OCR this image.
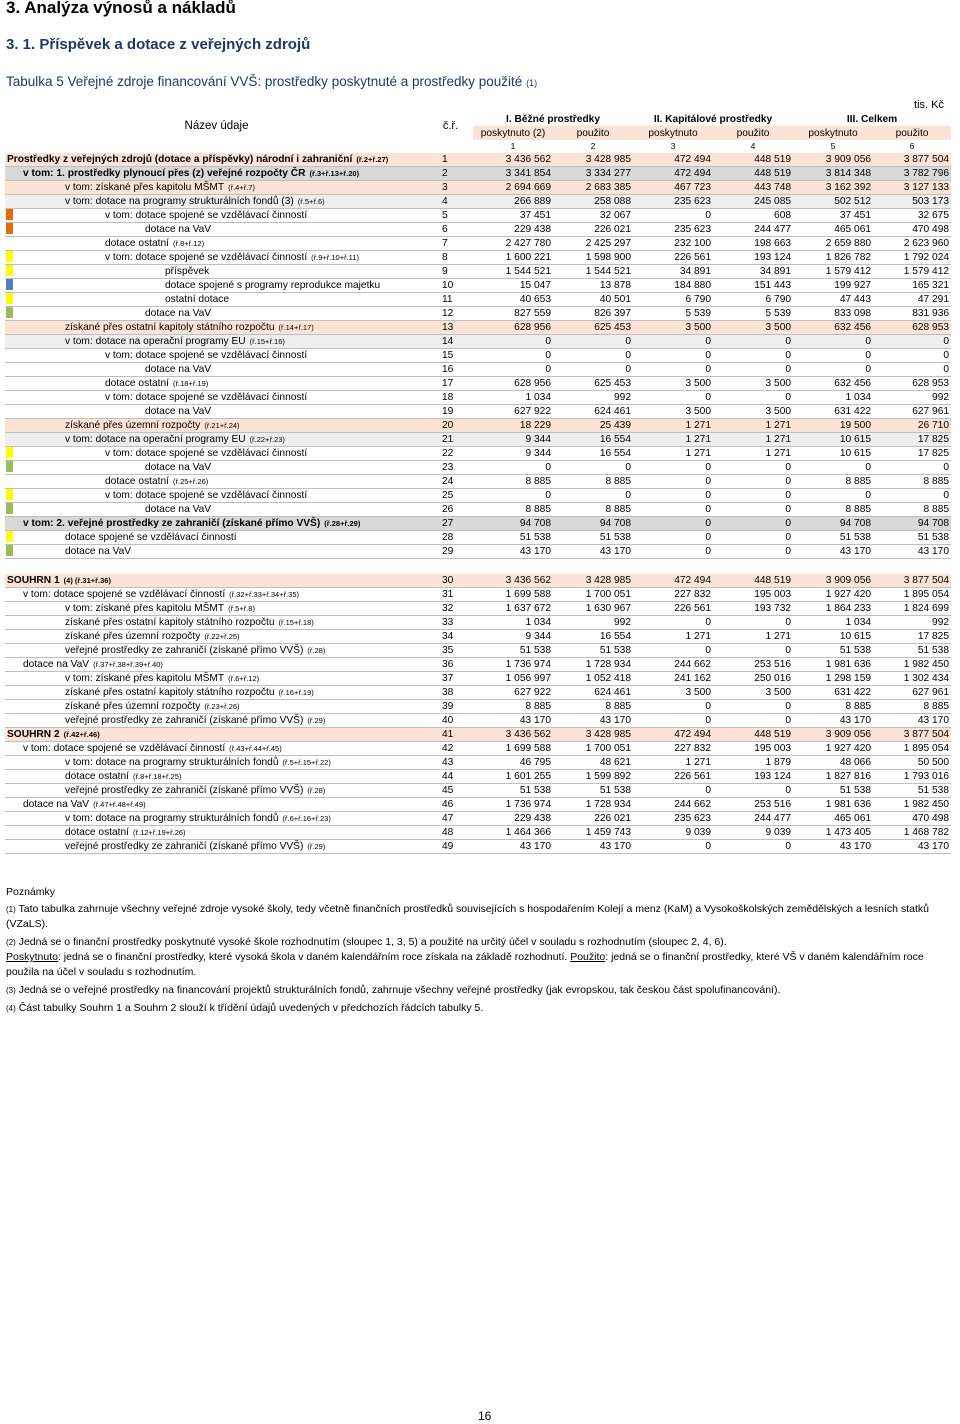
3. Analýza výnosů a nákladů
3. 1. Příspěvek a dotace z veřejných zdrojů
Tabulka 5 Veřejné zdroje financování VVŠ: prostředky poskytnuté a prostředky použité (1)
tis. Kč
Název údaje	č.ř.	I. Běžné prostředky		II. Kapitálové prostředky		III. Celkem	
		poskytnuto (2)	použito	poskytnuto	použito	poskytnuto	použito
		1	2	3	4	5	6
Prostředky z veřejných zdrojů (dotace a příspěvky) národní i zahraniční (ř.2+ř.27)	1	3 436 562	3 428 985	472 494	448 519	3 909 056	3 877 504
v tom: 1. prostředky plynoucí přes (z) veřejné rozpočty ČR (ř.3+ř.13+ř.20)	2	3 341 854	3 334 277	472 494	448 519	3 814 348	3 782 796
v tom: získané přes kapitolu MŠMT (ř.4+ř.7)	3	2 694 669	2 683 385	467 723	443 748	3 162 392	3 127 133
v tom: dotace na programy strukturálních fondů (3) (ř.5+ř.6)	4	266 889	258 088	235 623	245 085	502 512	503 173

v tom: dotace spojené se vzdělávací činností	5	37 451	32 067	0	608	37 451	32 675

dotace na VaV	6	229 438	226 021	235 623	244 477	465 061	470 498
dotace ostatní (ř.8+ř.12)	7	2 427 780	2 425 297	232 100	198 663	2 659 880	2 623 960

v tom: dotace spojené se vzdělávací činností (ř.9+ř.10+ř.11)	8	1 600 221	1 598 900	226 561	193 124	1 826 782	1 792 024

příspěvek	9	1 544 521	1 544 521	34 891	34 891	1 579 412	1 579 412

dotace spojené s programy reprodukce majetku	10	15 047	13 878	184 880	151 443	199 927	165 321

ostatní dotace	11	40 653	40 501	6 790	6 790	47 443	47 291

dotace na VaV	12	827 559	826 397	5 539	5 539	833 098	831 936
získané přes ostatní kapitoly státního rozpočtu (ř.14+ř.17)	13	628 956	625 453	3 500	3 500	632 456	628 953
v tom: dotace na operační programy EU (ř.15+ř.16)	14	0	0	0	0	0	0
v tom: dotace spojené se vzdělávací činností	15	0	0	0	0	0	0
dotace na VaV	16	0	0	0	0	0	0
dotace ostatní (ř.18+ř.19)	17	628 956	625 453	3 500	3 500	632 456	628 953
v tom: dotace spojené se vzdělávací činností	18	1 034	992	0	0	1 034	992
dotace na VaV	19	627 922	624 461	3 500	3 500	631 422	627 961
získané přes územní rozpočty (ř.21+ř.24)	20	18 229	25 439	1 271	1 271	19 500	26 710
v tom: dotace na operační programy EU (ř.22+ř.23)	21	9 344	16 554	1 271	1 271	10 615	17 825

v tom: dotace spojené se vzdělávací činností	22	9 344	16 554	1 271	1 271	10 615	17 825

dotace na VaV	23	0	0	0	0	0	0
dotace ostatní (ř.25+ř.26)	24	8 885	8 885	0	0	8 885	8 885

v tom: dotace spojené se vzdělávací činností	25	0	0	0	0	0	0

dotace na VaV	26	8 885	8 885	0	0	8 885	8 885
v tom: 2. veřejné prostředky ze zahraničí (získané přímo VVŠ) (ř.28+ř.29)	27	94 708	94 708	0	0	94 708	94 708

dotace spojené se vzdělávací činností	28	51 538	51 538	0	0	51 538	51 538

dotace na VaV	29	43 170	43 170	0	0	43 170	43 170

SOUHRN 1 (4) (ř.31+ř.36)	30	3 436 562	3 428 985	472 494	448 519	3 909 056	3 877 504
v tom: dotace spojené se vzdělávací činností (ř.32+ř.33+ř.34+ř.35)	31	1 699 588	1 700 051	227 832	195 003	1 927 420	1 895 054
v tom: získané přes kapitolu MŠMT (ř.5+ř.8)	32	1 637 672	1 630 967	226 561	193 732	1 864 233	1 824 699
získané přes ostatní kapitoly státního rozpočtu (ř.15+ř.18)	33	1 034	992	0	0	1 034	992
získané přes územní rozpočty (ř.22+ř.25)	34	9 344	16 554	1 271	1 271	10 615	17 825
veřejné prostředky ze zahraničí (získané přímo VVŠ) (ř.28)	35	51 538	51 538	0	0	51 538	51 538
dotace na VaV (ř.37+ř.38+ř.39+ř.40)	36	1 736 974	1 728 934	244 662	253 516	1 981 636	1 982 450
v tom: získané přes kapitolu MŠMT (ř.6+ř.12)	37	1 056 997	1 052 418	241 162	250 016	1 298 159	1 302 434
získané přes ostatní kapitoly státního rozpočtu (ř.16+ř.19)	38	627 922	624 461	3 500	3 500	631 422	627 961
získané přes územní rozpočty (ř.23+ř.26)	39	8 885	8 885	0	0	8 885	8 885
veřejné prostředky ze zahraničí (získané přímo VVŠ) (ř.29)	40	43 170	43 170	0	0	43 170	43 170
SOUHRN 2 (ř.42+ř.46)	41	3 436 562	3 428 985	472 494	448 519	3 909 056	3 877 504
v tom: dotace spojené se vzdělávací činností (ř.43+ř.44+ř.45)	42	1 699 588	1 700 051	227 832	195 003	1 927 420	1 895 054
v tom: dotace na programy strukturálních fondů (ř.5+ř.15+ř.22)	43	46 795	48 621	1 271	1 879	48 066	50 500
dotace ostatní (ř.8+ř.18+ř.25)	44	1 601 255	1 599 892	226 561	193 124	1 827 816	1 793 016
veřejné prostředky ze zahraničí (získané přímo VVŠ) (ř.28)	45	51 538	51 538	0	0	51 538	51 538
dotace na VaV (ř.47+ř.48+ř.49)	46	1 736 974	1 728 934	244 662	253 516	1 981 636	1 982 450
v tom: dotace na programy strukturálních fondů (ř.6+ř.16+ř.23)	47	229 438	226 021	235 623	244 477	465 061	470 498
dotace ostatní (ř.12+ř.19+ř.26)	48	1 464 366	1 459 743	9 039	9 039	1 473 405	1 468 782
veřejné prostředky ze zahraničí (získané přímo VVŠ) (ř.29)	49	43 170	43 170	0	0	43 170	43 170

Poznámky

(1) Tato tabulka zahrnuje všechny veřejné zdroje vysoké školy, tedy včetně finančních prostředků souvisejících s hospodařením Kolejí a menz (KaM) a Vysokoškolských zemědělských a lesních statků (VZaLS).

(2) Jedná se o finanční prostředky poskytnuté vysoké škole rozhodnutím (sloupec 1, 3, 5) a použité na určitý účel v souladu s rozhodnutím (sloupec 2, 4, 6).

Poskytnuto: jedná se o finanční prostředky, které vysoká škola v daném kalendářním roce získala na základě rozhodnutí. Použito: jedná se o finanční prostředky, které VŠ v daném kalendářním roce použila na účel v souladu s rozhodnutím.

(3) Jedná se o veřejné prostředky na financování projektů strukturálních fondů, zahrnuje všechny veřejné prostředky (jak evropskou, tak českou část spolufinancování).

(4) Část tabulky Souhrn 1 a Souhrn 2 slouží k třídění údajů uvedených v předchozích řádcích tabulky 5.

16
